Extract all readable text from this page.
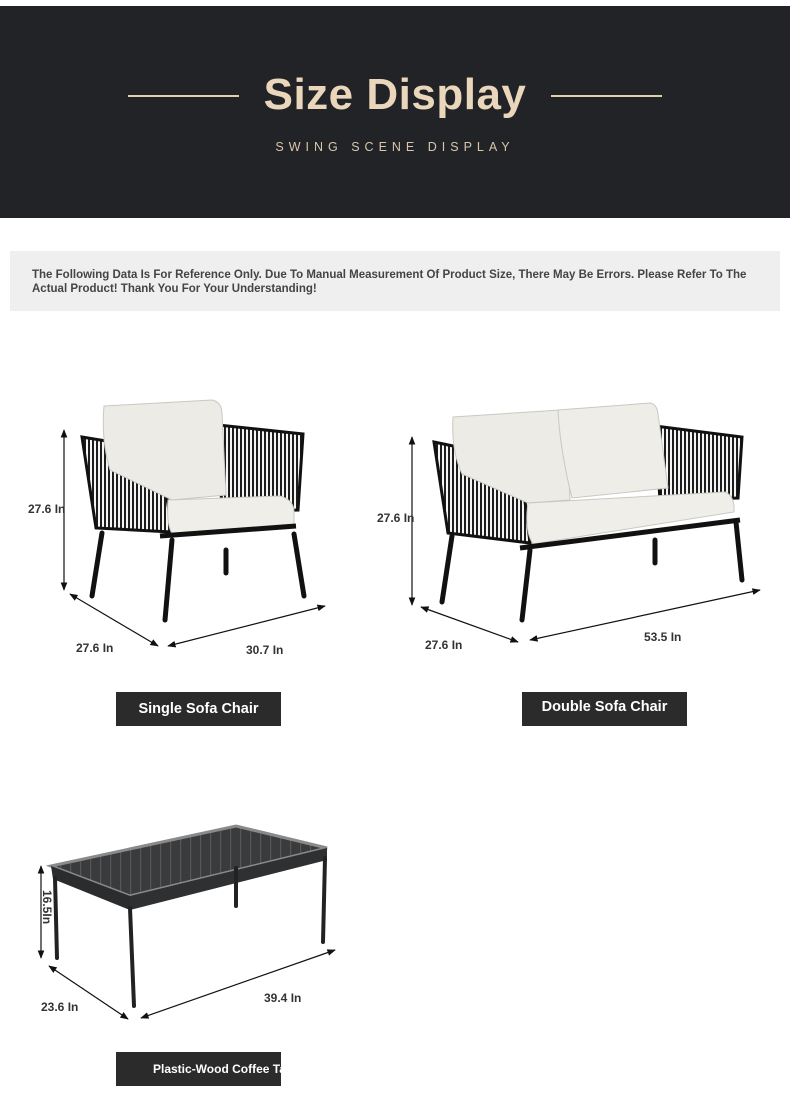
Size Display
SWING SCENE DISPLAY
The Following Data Is For Reference Only. Due To Manual Measurement Of Product Size, There May Be Errors. Please Refer To The Actual Product! Thank You For Your Understanding!
27.6 In
27.6 In	30.7 In
27.6 In
27.6 In
53.5 In
16.5In
23.6 In
39.4 In
Single Sofa Chair	Double Sofa Chair
Plastic-Wood Coffee Table
